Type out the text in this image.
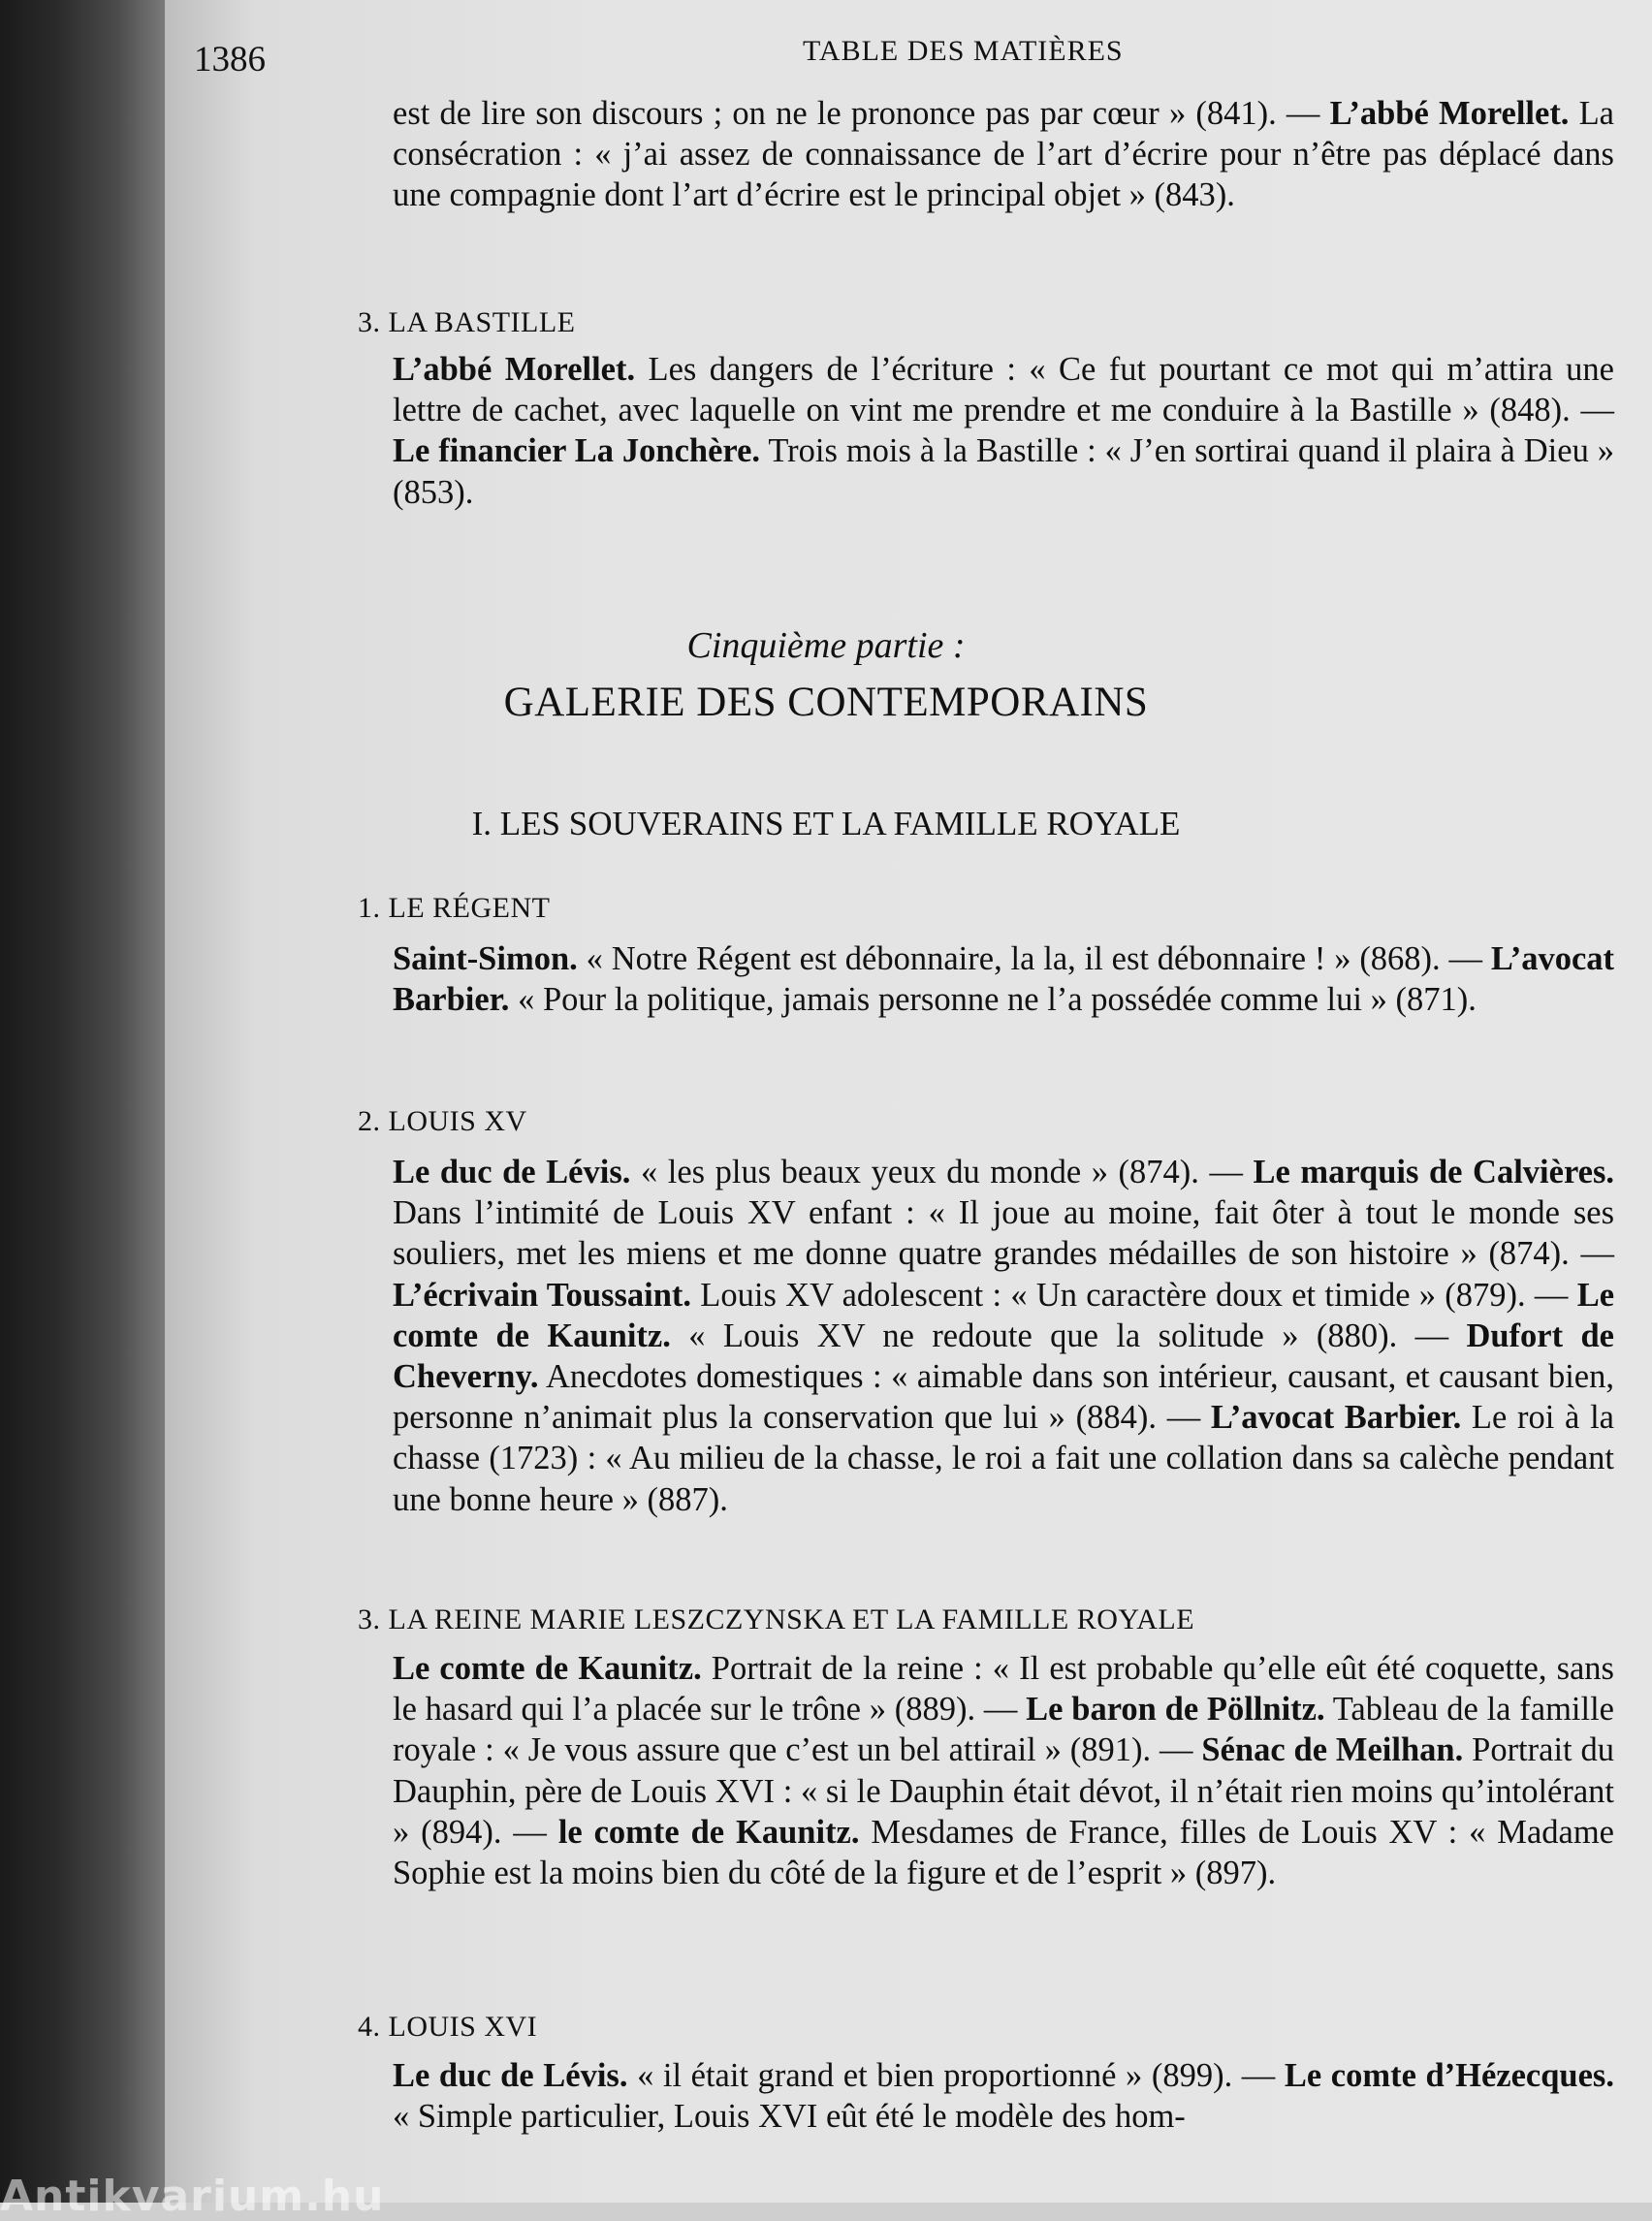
1386	TABLE DES MATIÈRES
est de lire son discours ; on ne le prononce pas par cœur » (841). — L’abbé Morellet. La consécration : « j’ai assez de connaissance de l’art d’écrire pour n’être pas déplacé dans une compagnie dont l’art d’écrire est le principal objet » (843).
3. LA BASTILLE
L’abbé Morellet. Les dangers de l’écriture : « Ce fut pourtant ce mot qui m’attira une lettre de cachet, avec laquelle on vint me prendre et me conduire à la Bastille » (848). — Le financier La Jonchère. Trois mois à la Bastille : « J’en sortirai quand il plaira à Dieu » (853).
Cinquième partie :
GALERIE DES CONTEMPORAINS
I. LES SOUVERAINS ET LA FAMILLE ROYALE
1. LE RÉGENT
Saint-Simon. « Notre Régent est débonnaire, la la, il est débonnaire ! » (868). — L’avocat Barbier. « Pour la politique, jamais personne ne l’a possédée comme lui » (871).
2. LOUIS XV
Le duc de Lévis. « les plus beaux yeux du monde » (874). — Le marquis de Calvières. Dans l’intimité de Louis XV enfant : « Il joue au moine, fait ôter à tout le monde ses souliers, met les miens et me donne quatre grandes médailles de son histoire » (874). — L’écrivain Toussaint. Louis XV adolescent : « Un caractère doux et timide » (879). — Le comte de Kaunitz. « Louis XV ne redoute que la solitude » (880). — Dufort de Cheverny. Anecdotes domestiques : « aimable dans son intérieur, causant, et causant bien, personne n’animait plus la conservation que lui » (884). — L’avocat Barbier. Le roi à la chasse (1723) : « Au milieu de la chasse, le roi a fait une collation dans sa calèche pendant une bonne heure » (887).
3. LA REINE MARIE LESZCZYNSKA ET LA FAMILLE ROYALE
Le comte de Kaunitz. Portrait de la reine : « Il est probable qu’elle eût été coquette, sans le hasard qui l’a placée sur le trône » (889). — Le baron de Pöllnitz. Tableau de la famille royale : « Je vous assure que c’est un bel attirail » (891). — Sénac de Meilhan. Portrait du Dauphin, père de Louis XVI : « si le Dauphin était dévot, il n’était rien moins qu’intolérant » (894). — le comte de Kaunitz. Mesdames de France, filles de Louis XV : « Madame Sophie est la moins bien du côté de la figure et de l’esprit » (897).
4. LOUIS XVI
Le duc de Lévis. « il était grand et bien proportionné » (899). — Le comte d’Hézecques. « Simple particulier, Louis XVI eût été le modèle des hom-
Antikvarium.hu
